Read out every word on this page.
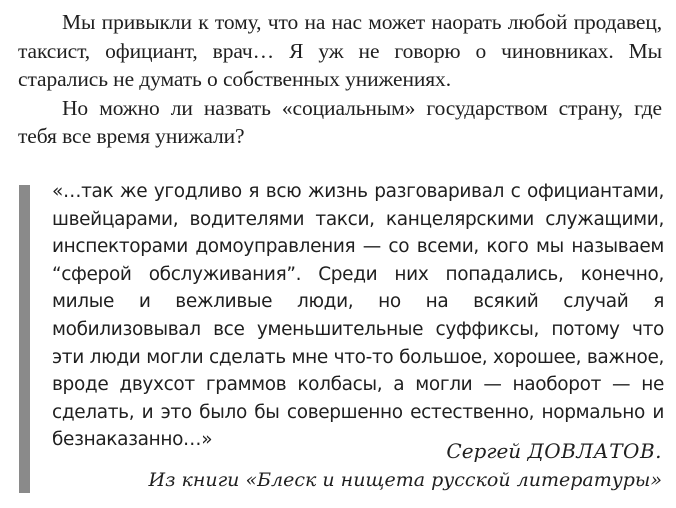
Мы привыкли к тому, что на нас может наорать любой продавец, таксист, официант, врач… Я уж не говорю о чиновниках. Мы старались не думать о собственных унижениях.

Но можно ли назвать «социальным» государством страну, где тебя все время унижали?

«…так же угодливо я всю жизнь разговаривал с официантами, швейцарами, водителями такси, канцелярскими служащими, инспекторами домоуправления — со всеми, кого мы называем “сферой обслуживания”. Среди них попадались, конечно, милые и вежливые люди, но на всякий случай я мобилизовывал все уменьшительные суффиксы, потому что эти люди могли сделать мне что-то большое, хорошее, важное, вроде двухсот граммов колбасы, а могли — наоборот — не сделать, и это было бы совершенно естественно, нормально и безнаказанно…»	Сергей ДОВЛАТОВ.
Из книги «Блеск и нищета русской литературы»
